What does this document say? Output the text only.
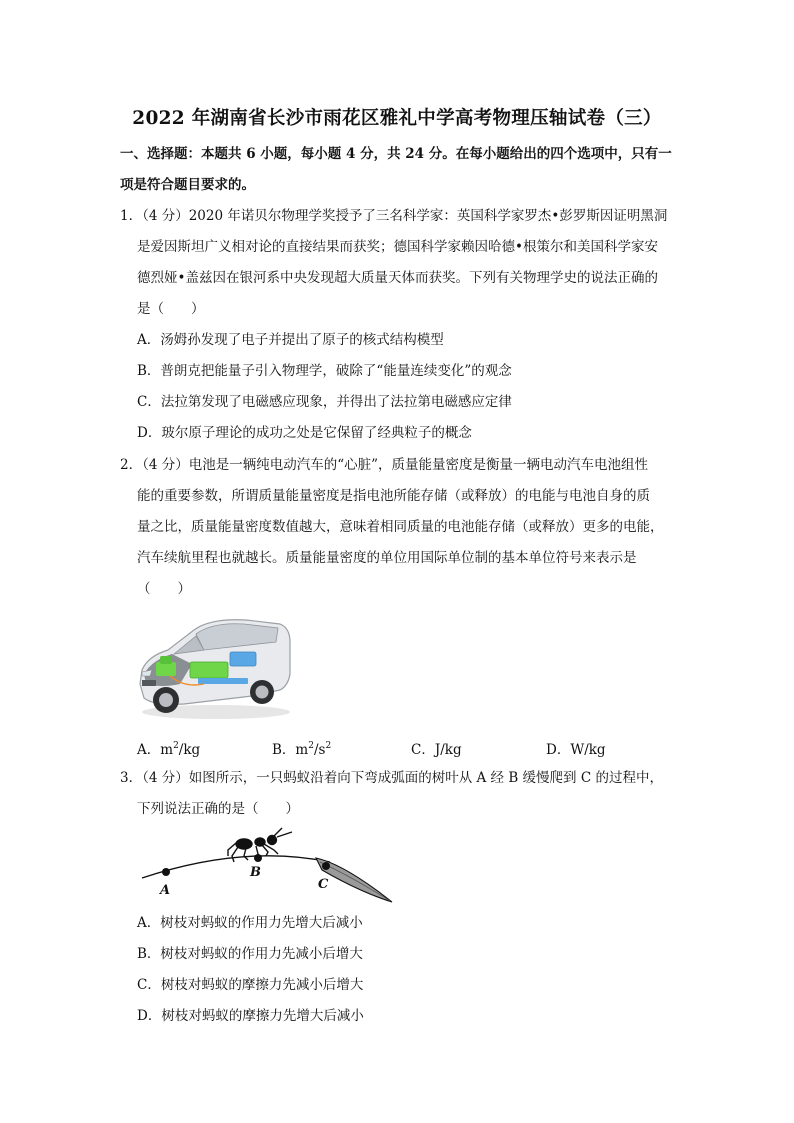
2022 年湖南省长沙市雨花区雅礼中学高考物理压轴试卷（三）
一、选择题：本题共 6 小题，每小题 4 分，共 24 分。在每小题给出的四个选项中，只有一
项是符合题目要求的。
1．（4 分）2020 年诺贝尔物理学奖授予了三名科学家：英国科学家罗杰•彭罗斯因证明黑洞
是爱因斯坦广义相对论的直接结果而获奖；德国科学家赖因哈德•根策尔和美国科学家安
德烈娅•盖兹因在银河系中央发现超大质量天体而获奖。下列有关物理学史的说法正确的
是（　　）
A．汤姆孙发现了电子并提出了原子的核式结构模型
B．普朗克把能量子引入物理学，破除了“能量连续变化”的观念
C．法拉第发现了电磁感应现象，并得出了法拉第电磁感应定律
D．玻尔原子理论的成功之处是它保留了经典粒子的概念
2．（4 分）电池是一辆纯电动汽车的“心脏”，质量能量密度是衡量一辆电动汽车电池组性
能的重要参数，所谓质量能量密度是指电池所能存储（或释放）的电能与电池自身的质
量之比，质量能量密度数值越大，意味着相同质量的电池能存储（或释放）更多的电能，
汽车续航里程也就越长。质量能量密度的单位用国际单位制的基本单位符号来表示是
（　　）
A．$m^2/kg$	B．$m^2/s^2$	C．J/kg	D．W/kg
3．（4 分）如图所示，一只蚂蚁沿着向下弯成弧面的树叶从 A 经 B 缓慢爬到 C 的过程中，
下列说法正确的是（　　）
A
B
C
A．树枝对蚂蚁的作用力先增大后减小
B．树枝对蚂蚁的作用力先减小后增大
C．树枝对蚂蚁的摩擦力先减小后增大
D．树枝对蚂蚁的摩擦力先增大后减小
